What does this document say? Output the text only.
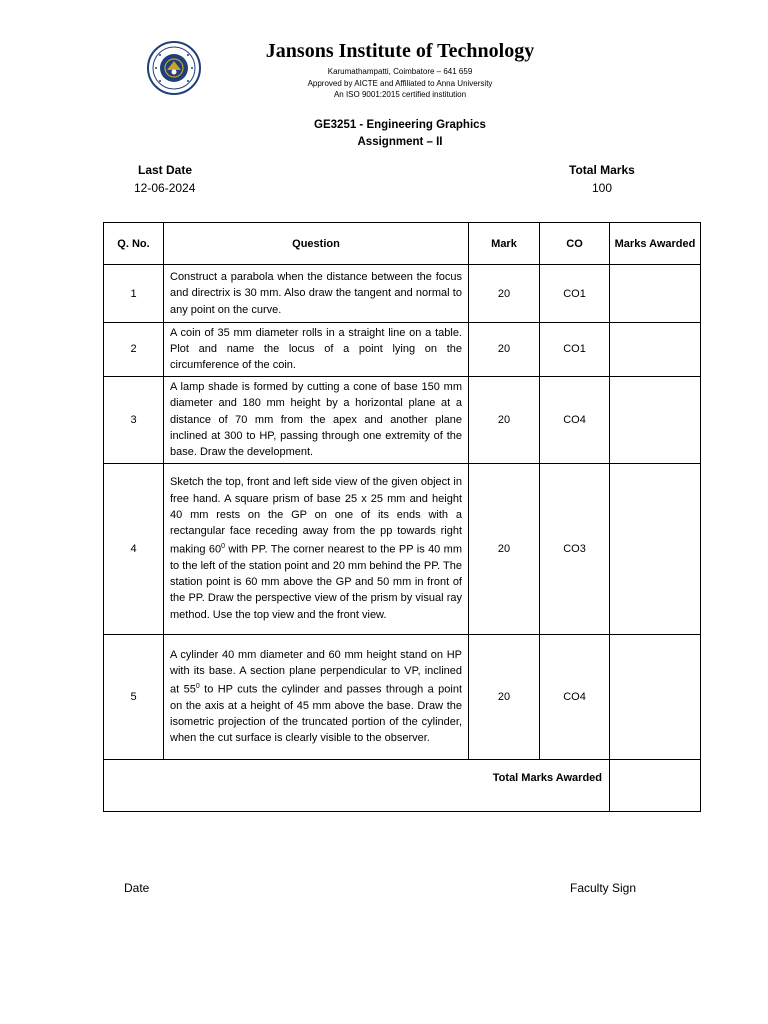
Jansons Institute of Technology
Karumathampatti, Coimbatore – 641 659
Approved by AICTE and Affiliated to Anna University
An ISO 9001:2015 certified institution
GE3251 - Engineering Graphics
Assignment – II
Last Date
12-06-2024
Total Marks
100
Q. No.	Question	Mark	CO	Marks Awarded
1	Construct a parabola when the distance between the focus and directrix is 30 mm. Also draw the tangent and normal to any point on the curve.	20	CO1	
2	A coin of 35 mm diameter rolls in a straight line on a table. Plot and name the locus of a point lying on the circumference of the coin.	20	CO1	
3	A lamp shade is formed by cutting a cone of base 150 mm diameter and 180 mm height by a horizontal plane at a distance of 70 mm from the apex and another plane inclined at 300 to HP, passing through one extremity of the base. Draw the development.	20	CO4	
4	Sketch the top, front and left side view of the given object in free hand. A square prism of base 25 x 25 mm and height 40 mm rests on the GP on one of its ends with a rectangular face receding away from the pp towards right making $60^0$ with PP. The corner nearest to the PP is 40 mm to the left of the station point and 20 mm behind the PP. The station point is 60 mm above the GP and 50 mm in front of the PP. Draw the perspective view of the prism by visual ray method. Use the top view and the front view.	20	CO3	
5	A cylinder 40 mm diameter and 60 mm height stand on HP with its base. A section plane perpendicular to VP, inclined at $55^0$ to HP cuts the cylinder and passes through a point on the axis at a height of 45 mm above the base. Draw the isometric projection of the truncated portion of the cylinder, when the cut surface is clearly visible to the observer.	20	CO4	
Total Marks Awarded				
Date	Faculty Sign
